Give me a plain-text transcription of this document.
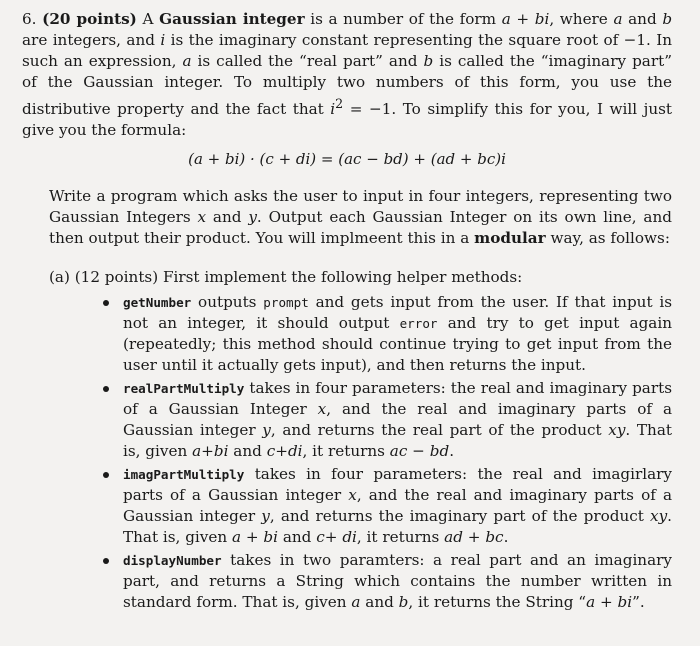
6. (20 points) A Gaussian integer is a number of the form a + bi, where a and b are integers, and i is the imaginary constant representing the square root of −1. In such an expression, a is called the “real part” and b is called the “imaginary part” of the Gaussian integer. To multiply two numbers of this form, you use the distributive property and the fact that $i^2 = -1$. To simplify this for you, I will just give you the formula:

(a + bi) · (c + di) = (ac − bd) + (ad + bc)i

Write a program which asks the user to input in four integers, representing two Gaussian Integers x and y. Output each Gaussian Integer on its own line, and then output their product. You will implmeent this in a modular way, as follows:

(a) (12 points) First implement the following helper methods:
getNumber outputs prompt and gets input from the user. If that input is not an integer, it should output error and try to get input again (repeatedly; this method should continue trying to get input from the user until it actually gets input), and then returns the input.
realPartMultiply takes in four parameters: the real and imaginary parts of a Gaussian Integer x, and the real and imaginary parts of a Gaussian integer y, and returns the real part of the product xy. That is, given a+bi and c+di, it returns ac − bd.
imagPartMultiply takes in four parameters: the real and imagirlary parts of a Gaussian integer x, and the real and imaginary parts of a Gaussian integer y, and returns the imaginary part of the product xy. That is, given a + bi and c+ di, it returns ad + bc.
displayNumber takes in two paramters: a real part and an imaginary part, and returns a String which contains the number written in standard form. That is, given a and b, it returns the String “a + bi”.
